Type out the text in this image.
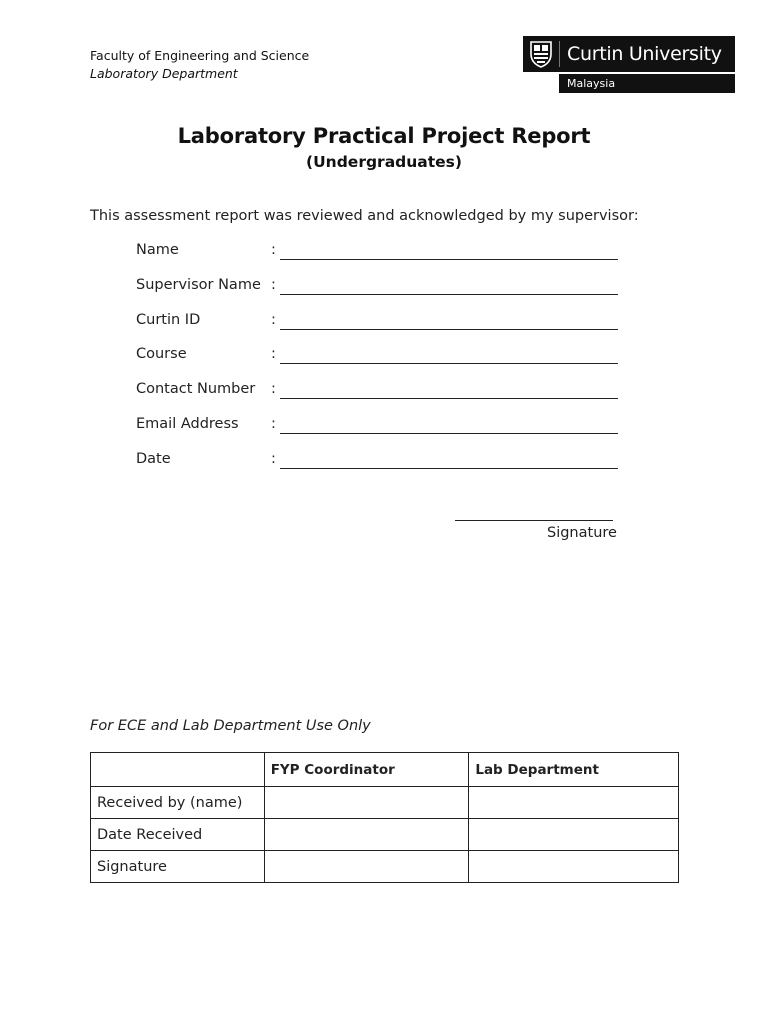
Faculty of Engineering and Science
Laboratory Department
Curtin University
Malaysia
Laboratory Practical Project Report
(Undergraduates)
This assessment report was reviewed and acknowledged by my supervisor:
Name	:
Supervisor Name :
Curtin ID	:
Course	:
Contact Number :
Email Address :
Date	:
Signature
For ECE and Lab Department Use Only
	FYP Coordinator	Lab Department
Received by (name)		
Date Received		
Signature		
